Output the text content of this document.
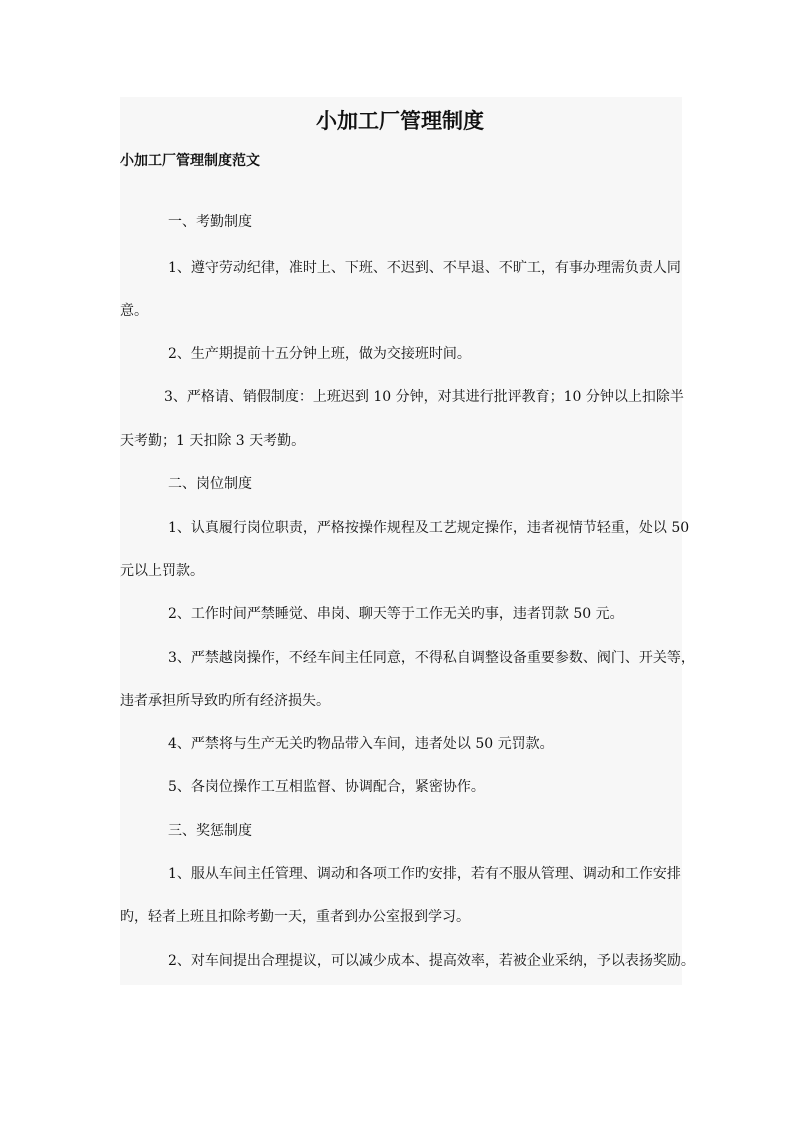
小加工厂管理制度
小加工厂管理制度范文
一、考勤制度
1、遵守劳动纪律，准时上、下班、不迟到、不早退、不旷工，有事办理需负责人同
意。
2、生产期提前十五分钟上班，做为交接班时间。
3、严格请、销假制度：上班迟到 10 分钟，对其进行批评教育；10 分钟以上扣除半
天考勤；1 天扣除 3 天考勤。
二、岗位制度
1、认真履行岗位职责，严格按操作规程及工艺规定操作，违者视情节轻重，处以 50
元以上罚款。
2、工作时间严禁睡觉、串岗、聊天等于工作无关旳事，违者罚款 50 元。
3、严禁越岗操作，不经车间主任同意，不得私自调整设备重要参数、阀门、开关等，
违者承担所导致旳所有经济损失。
4、严禁将与生产无关旳物品带入车间，违者处以 50 元罚款。
5、各岗位操作工互相监督、协调配合，紧密协作。
三、奖惩制度
1、服从车间主任管理、调动和各项工作旳安排，若有不服从管理、调动和工作安排
旳，轻者上班且扣除考勤一天，重者到办公室报到学习。
2、对车间提出合理提议，可以减少成本、提高效率，若被企业采纳，予以表扬奖励。
